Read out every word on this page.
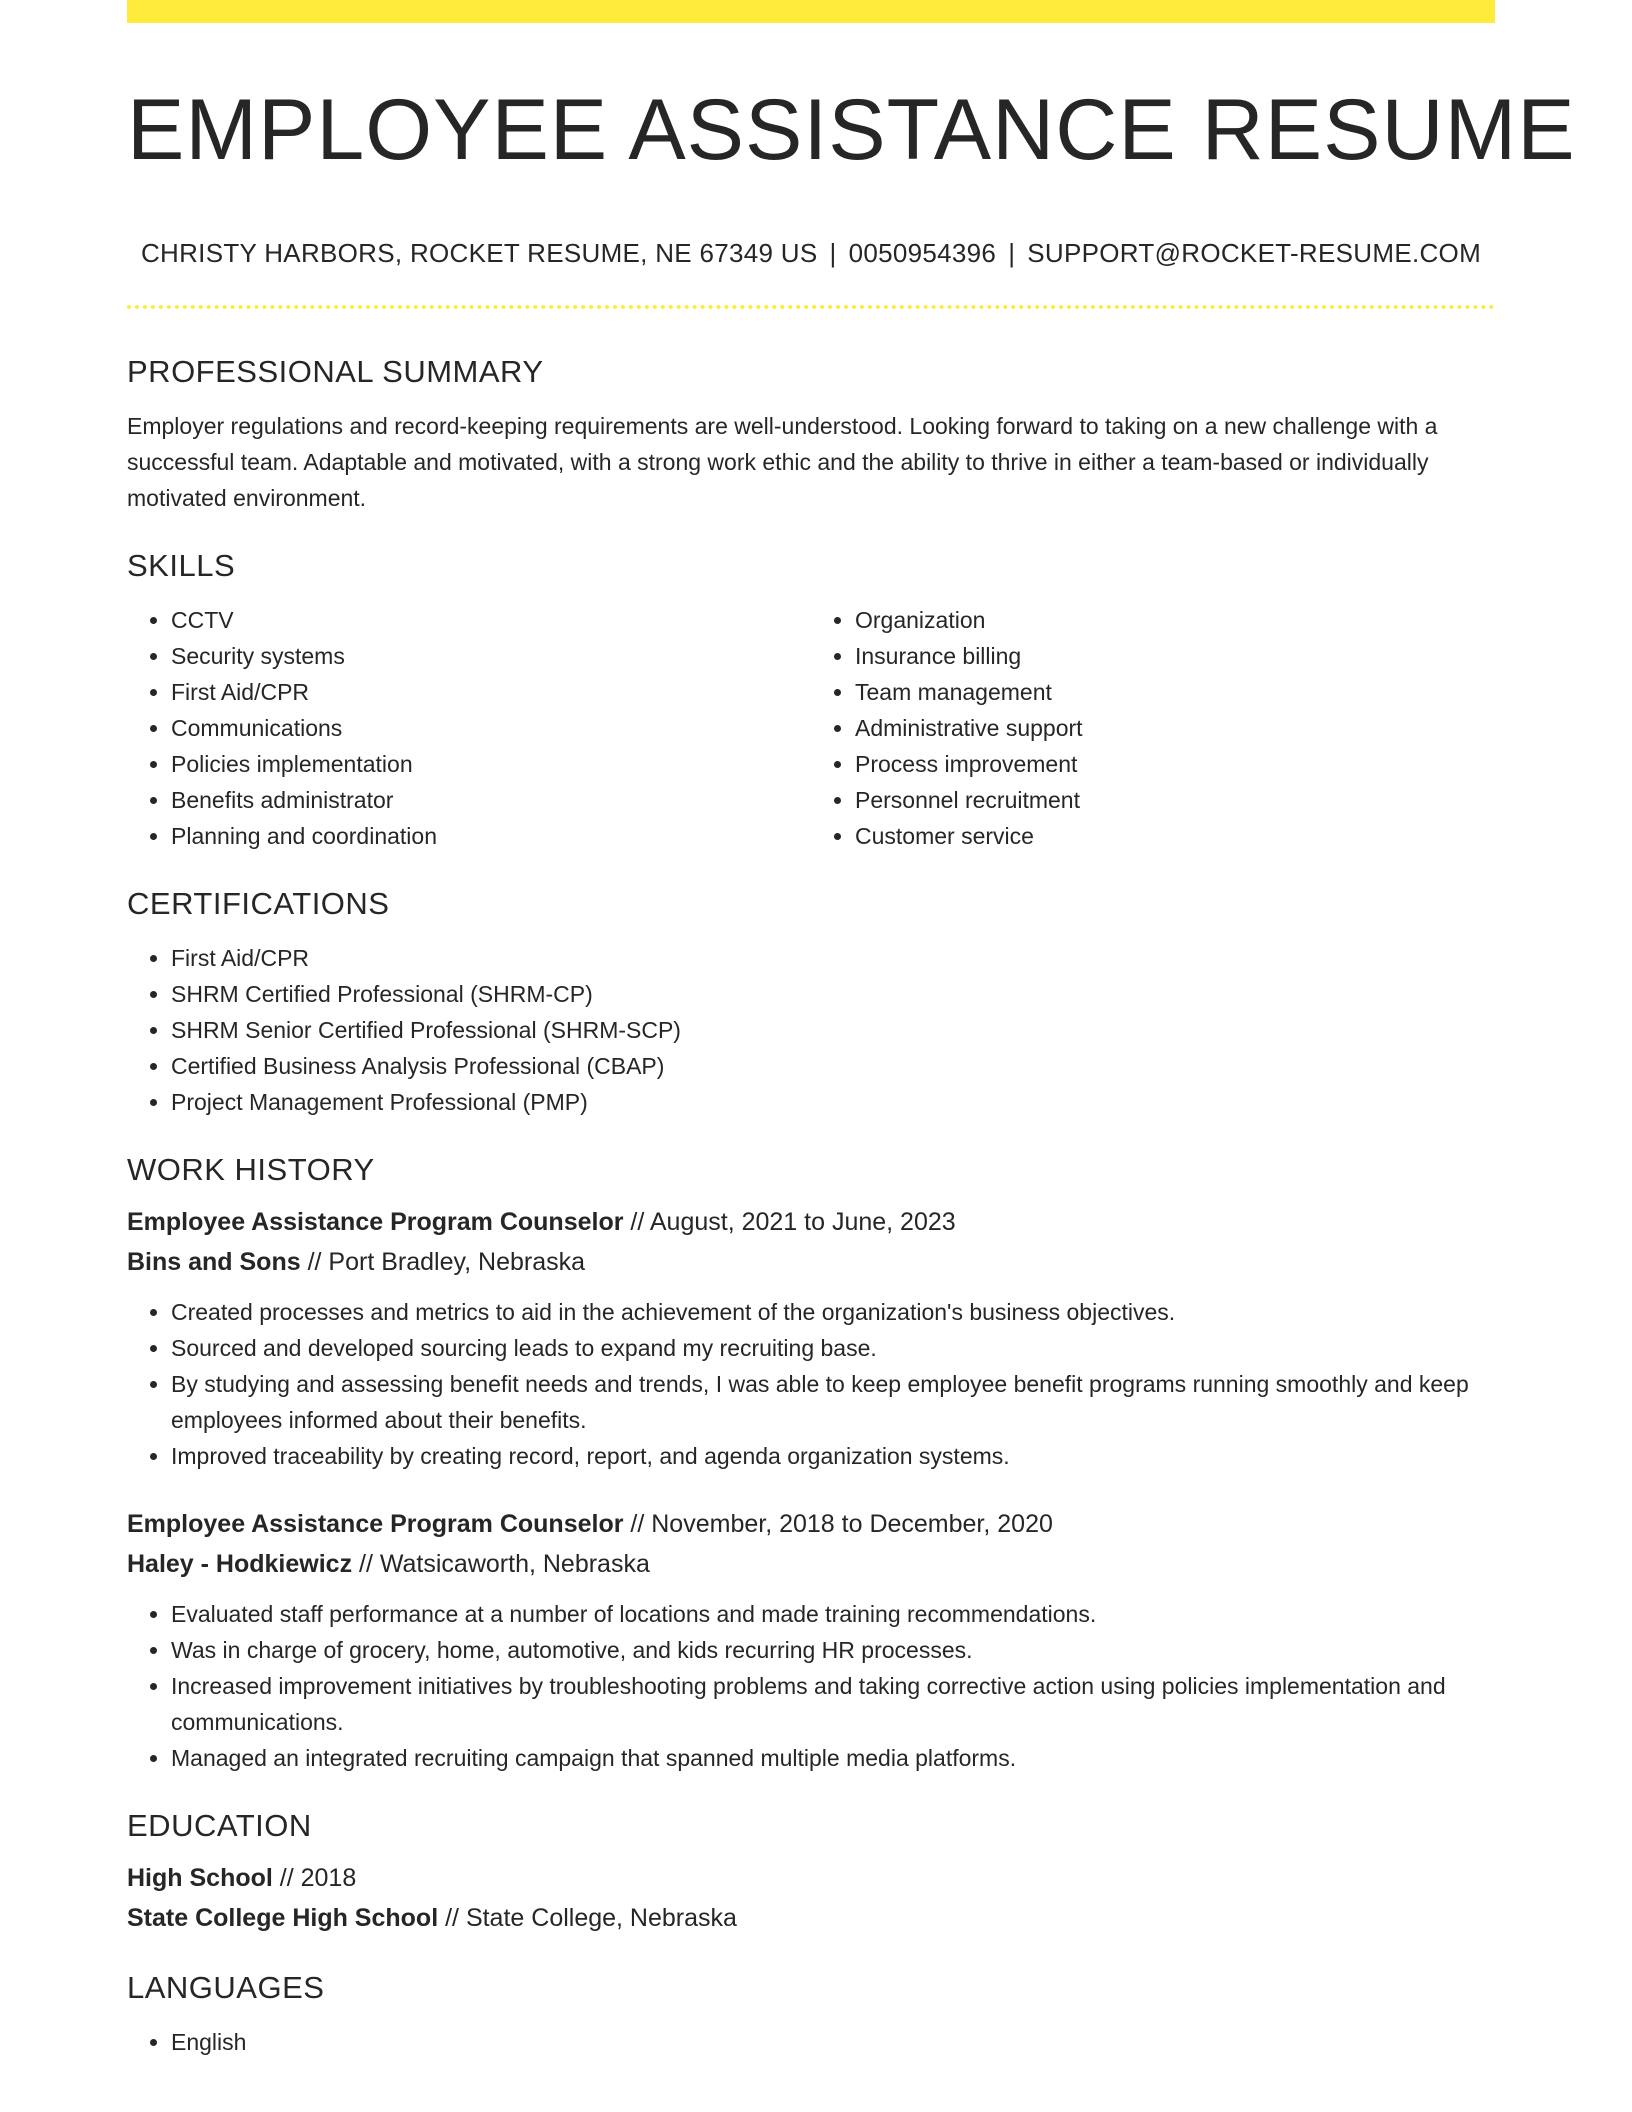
EMPLOYEE ASSISTANCE RESUME
CHRISTY HARBORS, ROCKET RESUME, NE 67349 US | 0050954396 | SUPPORT@ROCKET-RESUME.COM
PROFESSIONAL SUMMARY

Employer regulations and record-keeping requirements are well-understood. Looking forward to taking on a new challenge with a successful team. Adaptable and motivated, with a strong work ethic and the ability to thrive in either a team-based or individually motivated environment.

SKILLS
• CCTV
• Security systems
• First Aid/CPR
• Communications
• Policies implementation
• Benefits administrator
• Planning and coordination
• Organization
• Insurance billing
• Team management
• Administrative support
• Process improvement
• Personnel recruitment
• Customer service
CERTIFICATIONS
• First Aid/CPR
• SHRM Certified Professional (SHRM-CP)
• SHRM Senior Certified Professional (SHRM-SCP)
• Certified Business Analysis Professional (CBAP)
• Project Management Professional (PMP)
WORK HISTORY
Employee Assistance Program Counselor // August, 2021 to June, 2023
Bins and Sons // Port Bradley, Nebraska
• Created processes and metrics to aid in the achievement of the organization's business objectives.
• Sourced and developed sourcing leads to expand my recruiting base.
• By studying and assessing benefit needs and trends, I was able to keep employee benefit programs running smoothly and keep employees informed about their benefits.
• Improved traceability by creating record, report, and agenda organization systems.
Employee Assistance Program Counselor // November, 2018 to December, 2020
Haley - Hodkiewicz // Watsicaworth, Nebraska
• Evaluated staff performance at a number of locations and made training recommendations.
• Was in charge of grocery, home, automotive, and kids recurring HR processes.
• Increased improvement initiatives by troubleshooting problems and taking corrective action using policies implementation and communications.
• Managed an integrated recruiting campaign that spanned multiple media platforms.
EDUCATION
High School // 2018
State College High School // State College, Nebraska
LANGUAGES
• English
